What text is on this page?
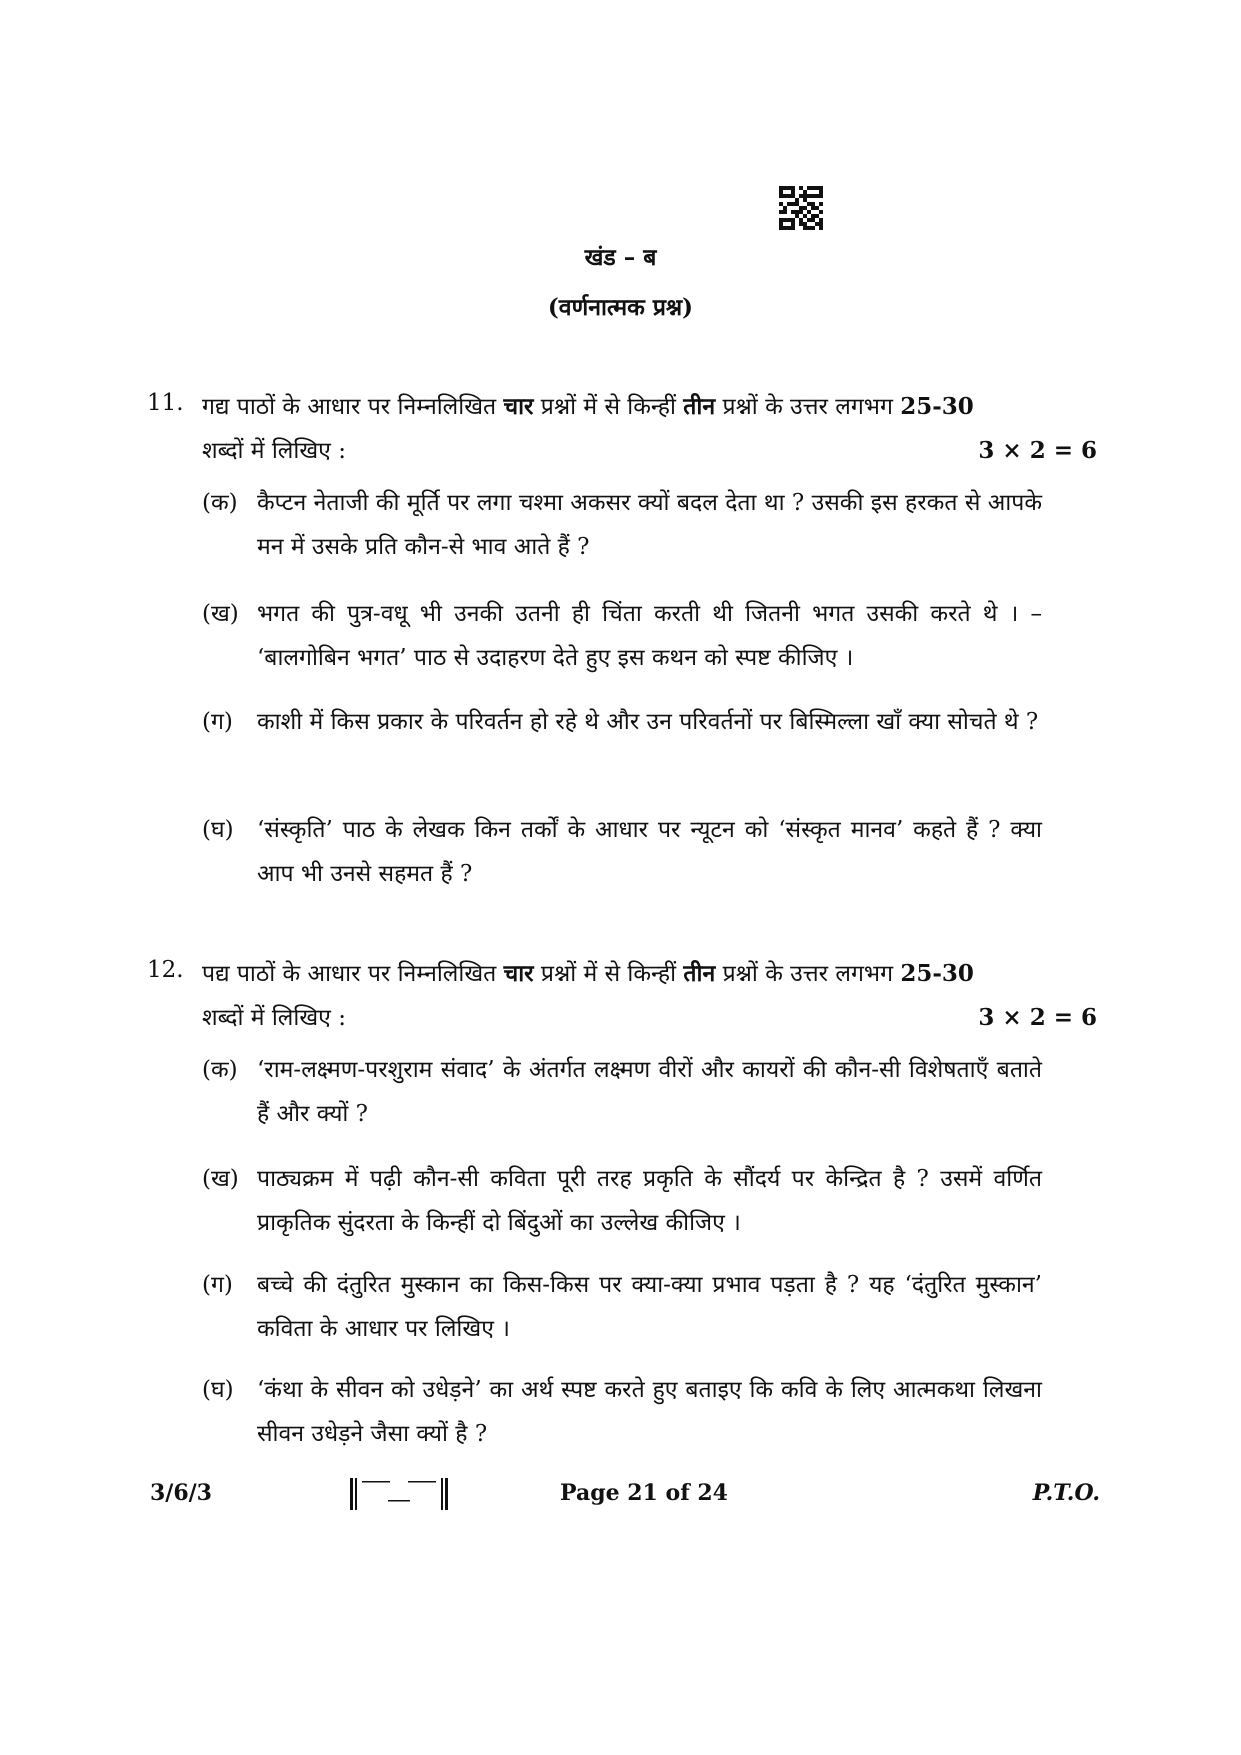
खंड – ब
(वर्णनात्मक प्रश्न)
11. गद्य पाठों के आधार पर निम्नलिखित चार प्रश्नों में से किन्हीं तीन प्रश्नों के उत्तर लगभग 25-30
शब्दों में लिखिए :	3 × 2 = 6
(क) कैप्टन नेताजी की मूर्ति पर लगा चश्मा अकसर क्यों बदल देता था ? उसकी इस हरकत से आपके मन में उसके प्रति कौन-से भाव आते हैं ?
(ख) भगत की पुत्र-वधू भी उनकी उतनी ही चिंता करती थी जितनी भगत उसकी करते थे । – ‘बालगोबिन भगत’ पाठ से उदाहरण देते हुए इस कथन को स्पष्ट कीजिए ।
(ग) काशी में किस प्रकार के परिवर्तन हो रहे थे और उन परिवर्तनों पर बिस्मिल्ला खाँ क्या सोचते थे ?
(घ) ‘संस्कृति’ पाठ के लेखक किन तर्कों के आधार पर न्यूटन को ‘संस्कृत मानव’ कहते हैं ? क्या आप भी उनसे सहमत हैं ?
12. पद्य पाठों के आधार पर निम्नलिखित चार प्रश्नों में से किन्हीं तीन प्रश्नों के उत्तर लगभग 25-30
शब्दों में लिखिए :	3 × 2 = 6
(क) ‘राम-लक्ष्मण-परशुराम संवाद’ के अंतर्गत लक्ष्मण वीरों और कायरों की कौन-सी विशेषताएँ बताते हैं और क्यों ?
(ख) पाठ्यक्रम में पढ़ी कौन-सी कविता पूरी तरह प्रकृति के सौंदर्य पर केन्द्रित है ? उसमें वर्णित प्राकृतिक सुंदरता के किन्हीं दो बिंदुओं का उल्लेख कीजिए ।
(ग) बच्चे की दंतुरित मुस्कान का किस-किस पर क्या-क्या प्रभाव पड़ता है ? यह ‘दंतुरित मुस्कान’ कविता के आधार पर लिखिए ।
(घ) ‘कंथा के सीवन को उधेड़ने’ का अर्थ स्पष्ट करते हुए बताइए कि कवि के लिए आत्मकथा लिखना सीवन उधेड़ने जैसा क्यों है ?
3/6/3	Page 21 of 24	P.T.O.
